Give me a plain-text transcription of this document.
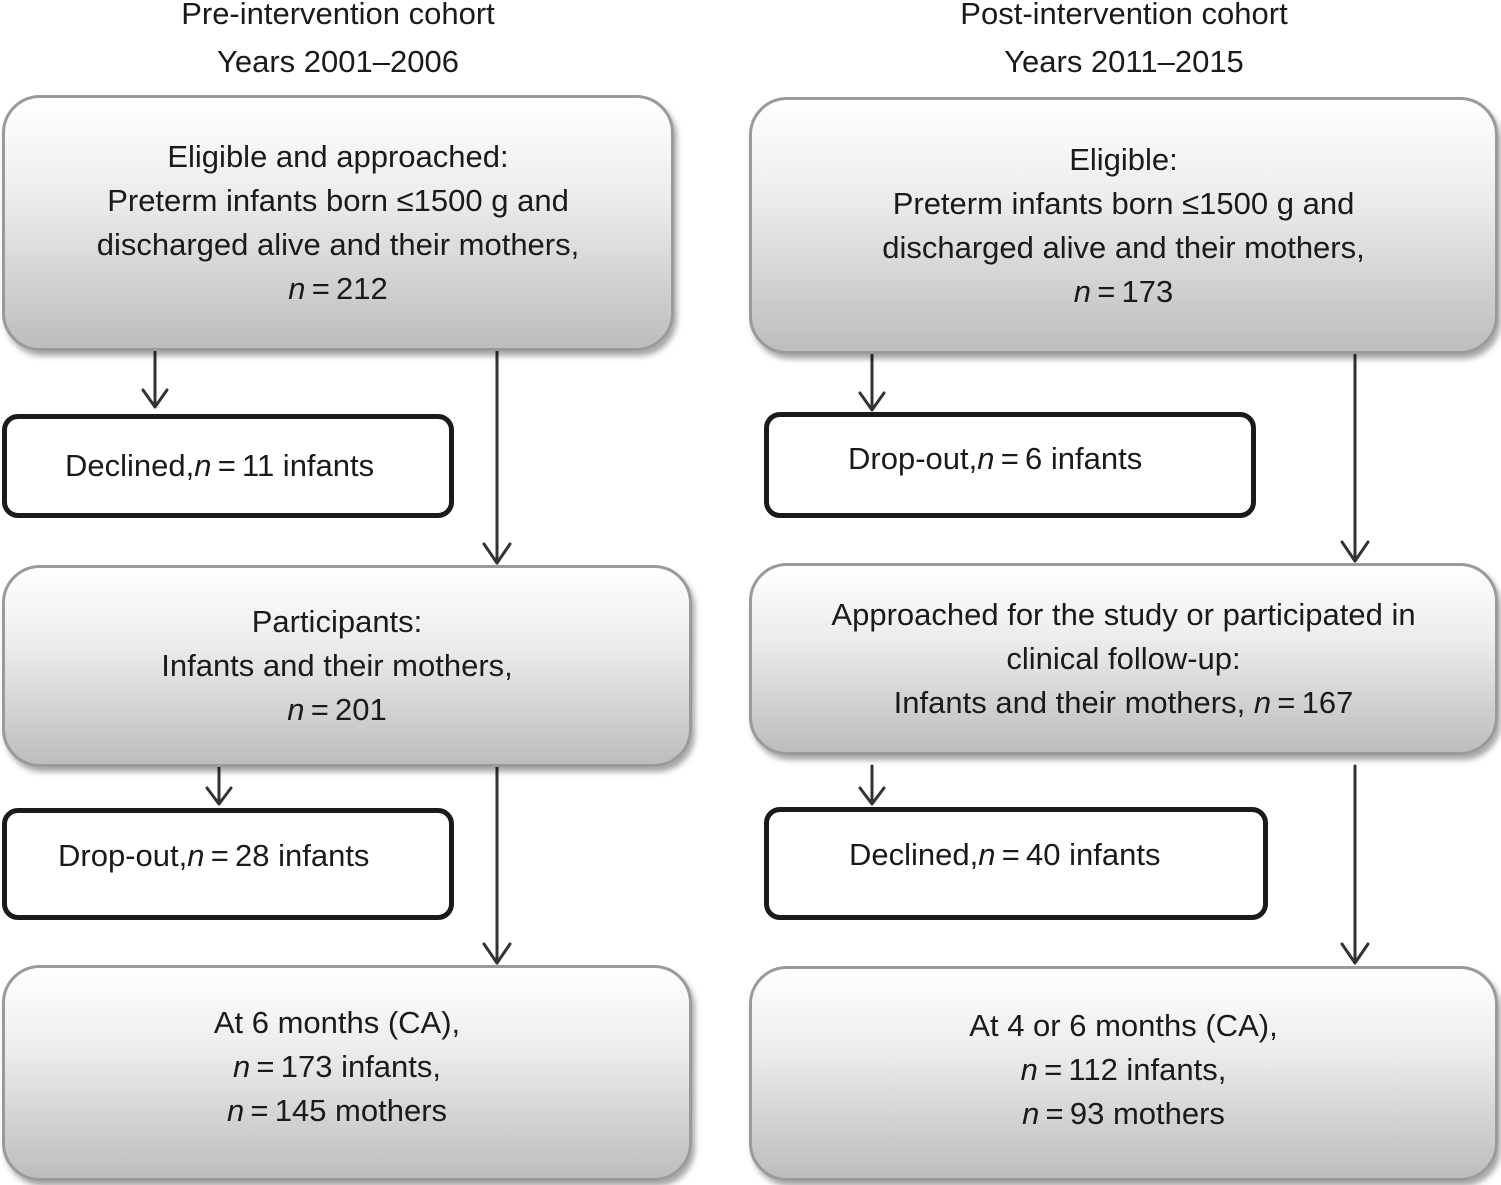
Pre-intervention cohort
Years 2001–2006
Post-intervention cohort
Years 2011–2015
Eligible and approached:
Preterm infants born ≤1500 g and
discharged alive and their mothers,
n = 212
Declined, n  = 11 infants
Participants:
Infants and their mothers,
n = 201
Drop-out, n  = 28 infants
At 6 months (CA),
n = 173 infants,
n = 145 mothers
Eligible:
Preterm infants born ≤1500 g and
discharged alive and their mothers,
n = 173
Drop-out, n  = 6 infants
Approached for the study or participated in
clinical follow-up:
Infants and their mothers, n = 167
Declined, n  = 40 infants
At 4 or 6 months (CA),
n = 112 infants,
n = 93 mothers
